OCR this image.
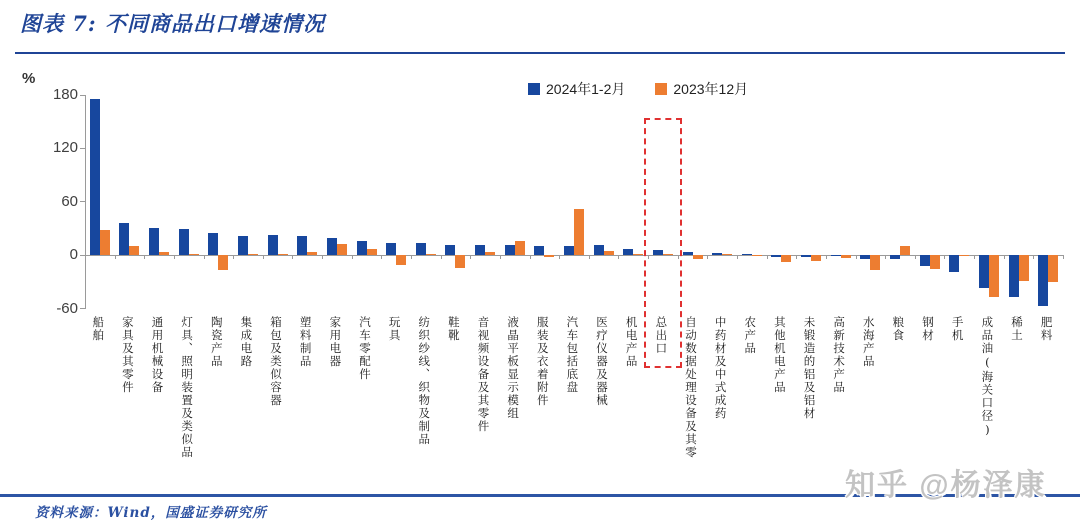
图表 7: 不同商品出口增速情况
%
2024年1-2月	2023年12月
180
120
60
0
-60
船舶 家具及其零件 通用机械设备 灯具、照明装置及类似品 陶瓷产品 集成电路 箱包及类似容器 塑料制品 家用电器 汽车零配件 玩具 纺织纱线、织物及制品 鞋靴 音视频设备及其零件 液晶平板显示模组 服装及衣着附件 汽车包括底盘 医疗仪器及器械 机电产品 总出口 自动数据处理设备及其零 中药材及中式成药 农产品 其他机电产品 未锻造的铝及铝材 高新技术产品 水海产品 粮食 钢材 手机 成品油(海关口径) 稀土 肥料
资料来源：Wind，国盛证券研究所
知乎 @杨泽康
